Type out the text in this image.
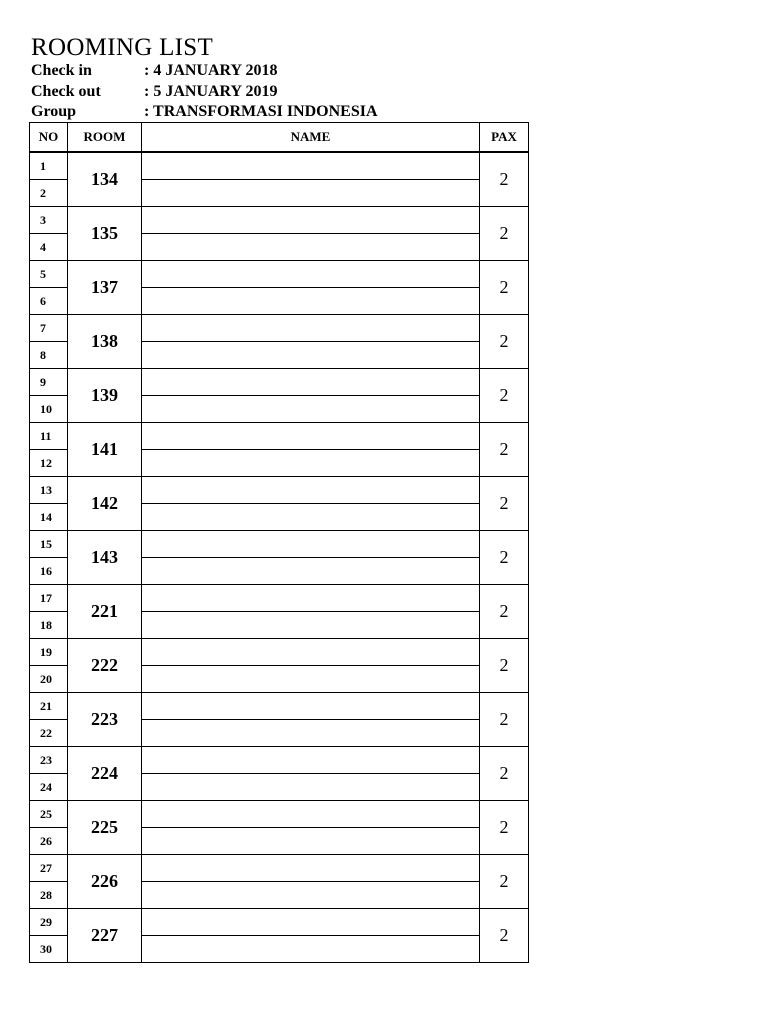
ROOMING LIST
Check in	: 4 JANUARY 2018
Check out	: 5 JANUARY 2019
Group	: TRANSFORMASI INDONESIA
NO	ROOM	NAME	PAX
1	134		2
2			
3	135		2
4			
5	137		2
6			
7	138		2
8			
9	139		2
10			
11	141		2
12			
13	142		2
14			
15	143		2
16			
17	221		2
18			
19	222		2
20			
21	223		2
22			
23	224		2
24			
25	225		2
26			
27	226		2
28			
29	227		2
30			
